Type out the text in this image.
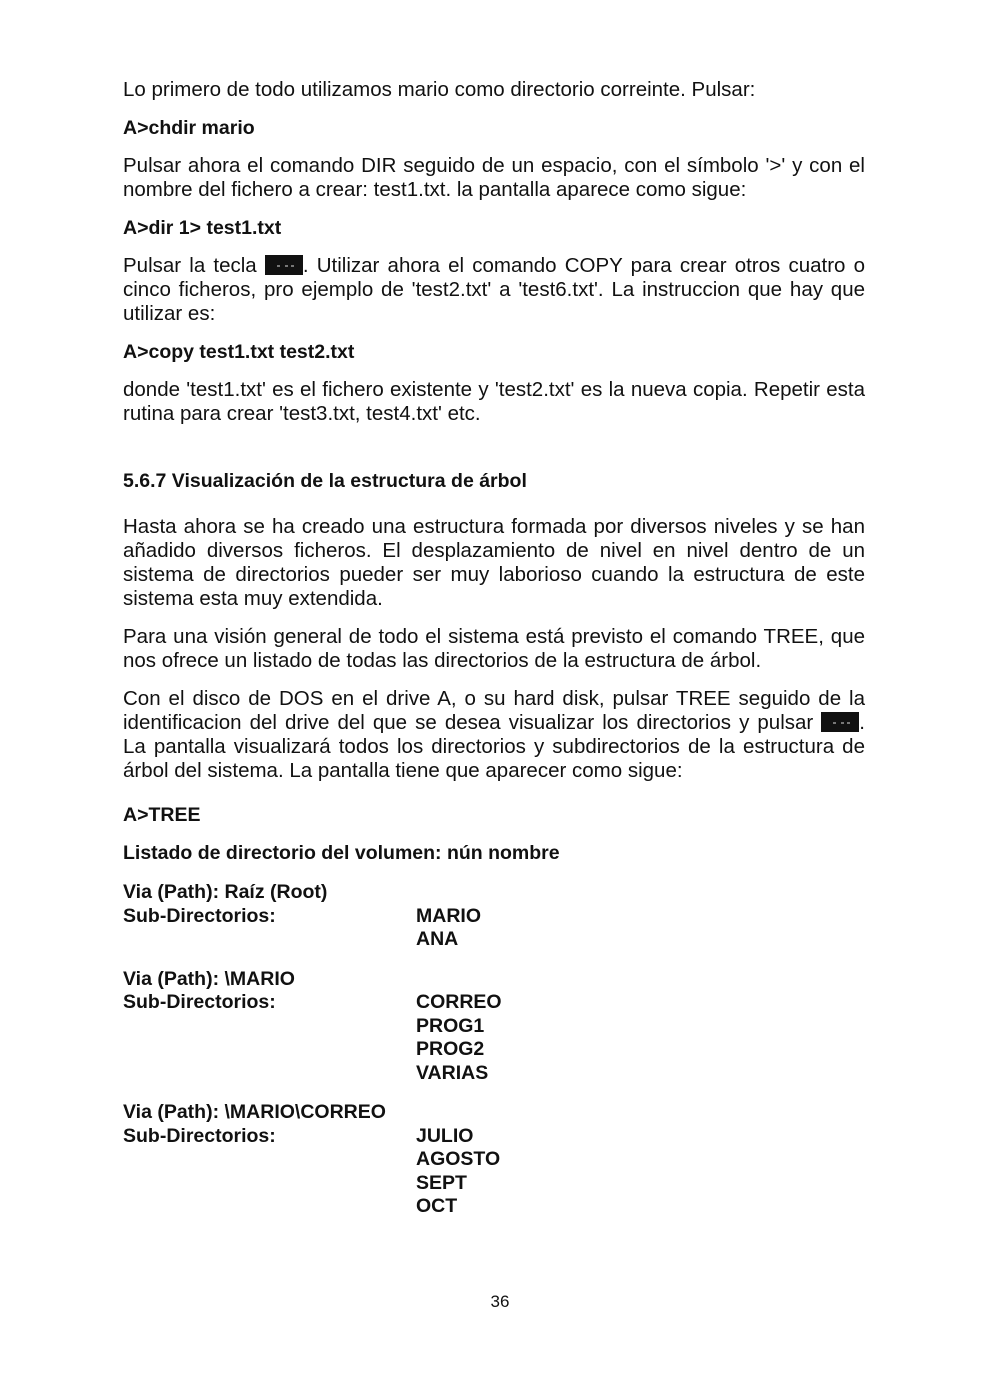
Lo primero de todo utilizamos mario como directorio correinte. Pulsar:

A>chdir mario

Pulsar ahora el comando DIR seguido de un espacio, con el símbolo '>' y con el nombre del fichero a crear: test1.txt. la pantalla aparece como sigue:

A>dir 1> test1.txt

Pulsar la tecla . Utilizar ahora el comando COPY para crear otros cuatro o cinco ficheros, pro ejemplo de 'test2.txt' a 'test6.txt'. La instruccion que hay que utilizar es:

A>copy test1.txt test2.txt

donde 'test1.txt' es el fichero existente y 'test2.txt' es la nueva copia. Repetir esta rutina para crear 'test3.txt, test4.txt' etc.

5.6.7 Visualización de la estructura de árbol

Hasta ahora se ha creado una estructura formada por diversos niveles y se han añadido diversos ficheros. El desplazamiento de nivel en nivel dentro de un sistema de directorios pueder ser muy laborioso cuando la estructura de este sistema esta muy extendida.

Para una visión general de todo el sistema está previsto el comando TREE, que nos ofrece un listado de todas las directorios de la estructura de árbol.

Con el disco de DOS en el drive A, o su hard disk, pulsar TREE seguido de la identificacion del drive del que se desea visualizar los directorios y pulsar . La pantalla visualizará todos los directorios y subdirectorios de la estructura de árbol del sistema. La pantalla tiene que aparecer como sigue:

A>TREE

Listado de directorio del volumen: nún nombre

Via (Path): Raíz (Root)
Sub-Directorios:	MARIO
ANA
Via (Path): \MARIO
Sub-Directorios:	CORREO
PROG1
PROG2
VARIAS
Via (Path): \MARIO\CORREO
Sub-Directorios:	JULIO
AGOSTO
SEPT
OCT
36
